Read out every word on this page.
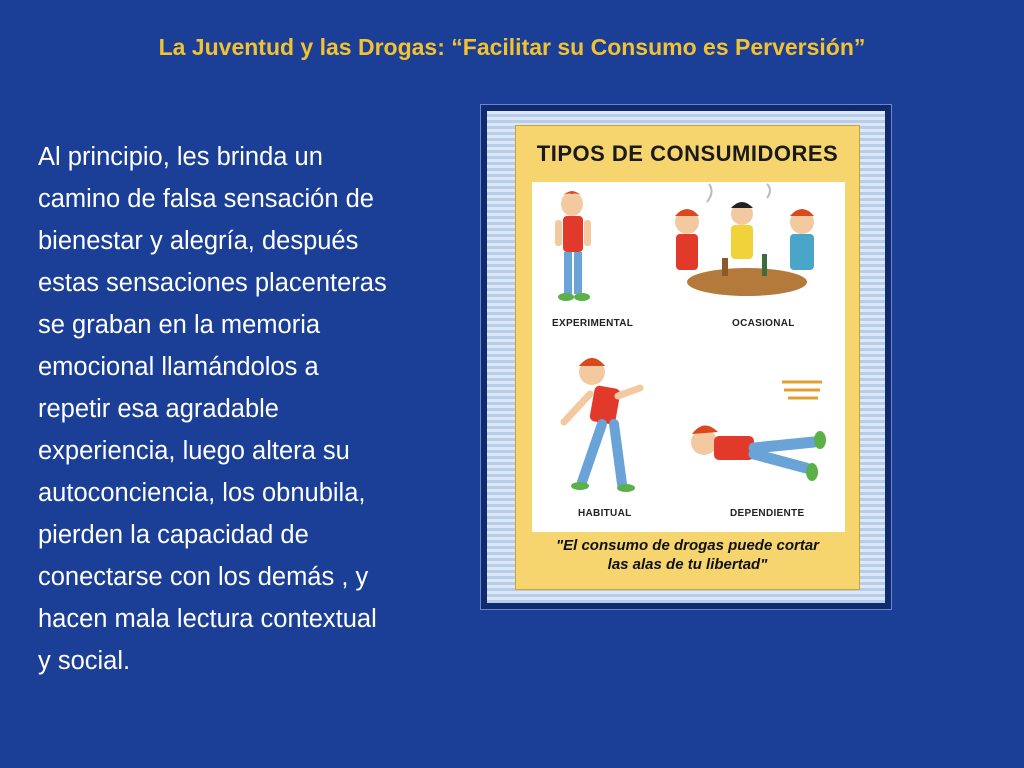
La Juventud y las Drogas: “Facilitar su Consumo es Perversión”
Al principio, les brinda un
camino de falsa sensación de
bienestar y alegría, después
estas sensaciones placenteras
se graban en la memoria
emocional llamándolos a
repetir esa agradable
experiencia, luego altera su
autoconciencia, los obnubila,
pierden la capacidad de
conectarse con los demás , y
hacen mala lectura contextual
y social.
TIPOS DE CONSUMIDORES
EXPERIMENTAL	OCASIONAL
HABITUAL	DEPENDIENTE
"El consumo de drogas puede cortar
las alas de tu libertad"
